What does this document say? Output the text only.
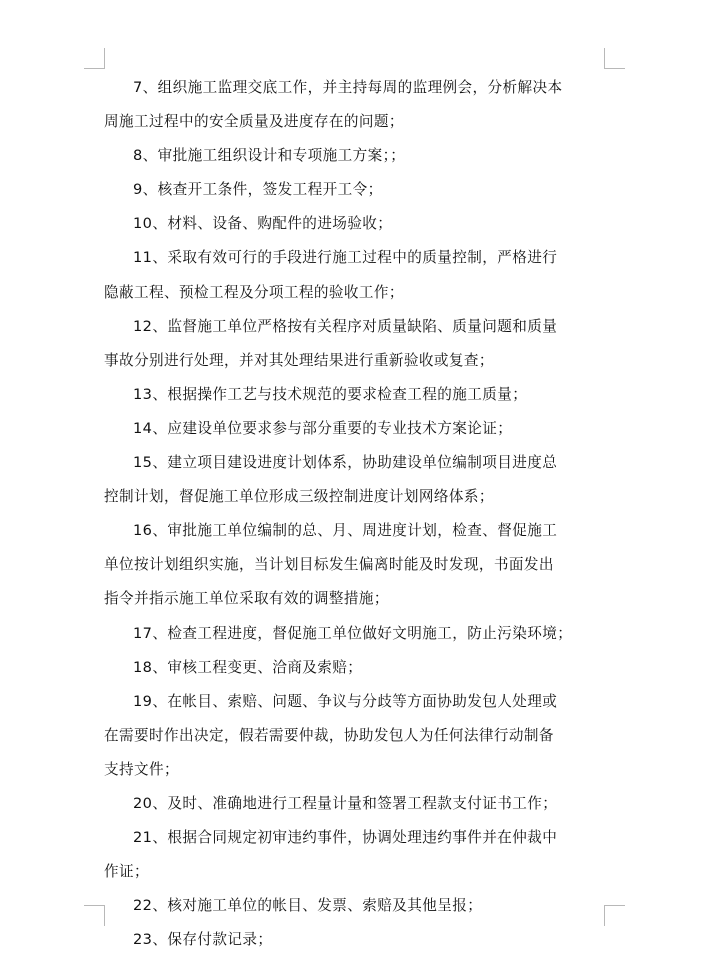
7、组织施工监理交底工作，并主持每周的监理例会，分析解决本
周施工过程中的安全质量及进度存在的问题；

8、审批施工组织设计和专项施工方案；；

9、核查开工条件，签发工程开工令；

10、材料、设备、购配件的进场验收；

11、采取有效可行的手段进行施工过程中的质量控制，严格进行
隐蔽工程、预检工程及分项工程的验收工作；

12、监督施工单位严格按有关程序对质量缺陷、质量问题和质量
事故分别进行处理，并对其处理结果进行重新验收或复查；

13、根据操作工艺与技术规范的要求检查工程的施工质量；

14、应建设单位要求参与部分重要的专业技术方案论证；

15、建立项目建设进度计划体系，协助建设单位编制项目进度总
控制计划，督促施工单位形成三级控制进度计划网络体系；

16、审批施工单位编制的总、月、周进度计划，检查、督促施工
单位按计划组织实施，当计划目标发生偏离时能及时发现，书面发出
指令并指示施工单位采取有效的调整措施；

17、检查工程进度，督促施工单位做好文明施工，防止污染环境；

18、审核工程变更、洽商及索赔；

19、在帐目、索赔、问题、争议与分歧等方面协助发包人处理或
在需要时作出决定，假若需要仲裁，协助发包人为任何法律行动制备
支持文件；

20、及时、准确地进行工程量计量和签署工程款支付证书工作；

21、根据合同规定初审违约事件，协调处理违约事件并在仲裁中
作证；

22、核对施工单位的帐目、发票、索赔及其他呈报；

23、保存付款记录；
